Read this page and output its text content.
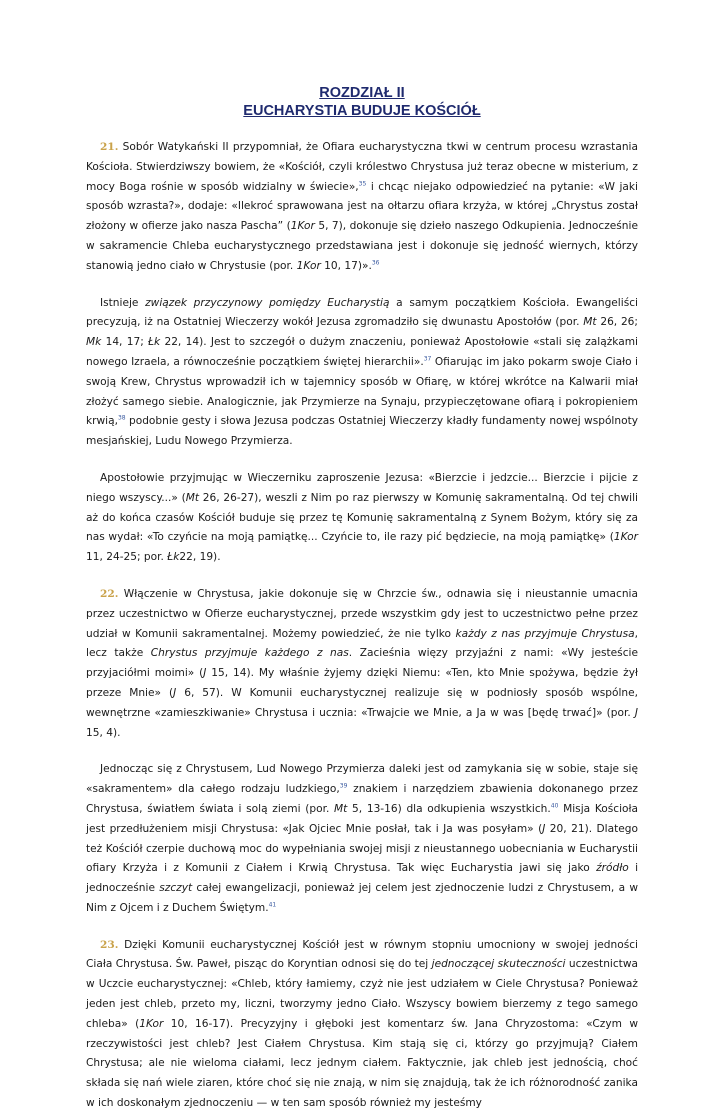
ROZDZIAŁ II
EUCHARYSTIA BUDUJE KOŚCIÓŁ

21. Sobór Watykański II przypomniał, że Ofiara eucharystyczna tkwi w centrum procesu wzrastania Kościoła. Stwierdziwszy bowiem, że «Kościół, czyli królestwo Chrystusa już teraz obecne w misterium, z mocy Boga rośnie w sposób widzialny w świecie»,$^{35}$ i chcąc niejako odpowiedzieć na pytanie: «W jaki sposób wzrasta?», dodaje: «Ilekroć sprawowana jest na ołtarzu ofiara krzyża, w której „Chrystus został złożony w ofierze jako nasza Pascha” (1Kor 5, 7), dokonuje się dzieło naszego Odkupienia. Jednocześnie w sakramencie Chleba eucharystycznego przedstawiana jest i dokonuje się jedność wiernych, którzy stanowią jedno ciało w Chrystusie (por. 1Kor 10, 17)».$^{36}$

Istnieje związek przyczynowy pomiędzy Eucharystią a samym początkiem Kościoła. Ewangeliści precyzują, iż na Ostatniej Wieczerzy wokół Jezusa zgromadziło się dwunastu Apostołów (por. Mt 26, 26; Mk 14, 17; Łk 22, 14). Jest to szczegół o dużym znaczeniu, ponieważ Apostołowie «stali się zalążkami nowego Izraela, a równocześnie początkiem świętej hierarchii».$^{37}$ Ofiarując im jako pokarm swoje Ciało i swoją Krew, Chrystus wprowadził ich w tajemnicy sposób w Ofiarę, w której wkrótce na Kalwarii miał złożyć samego siebie. Analogicznie, jak Przymierze na Synaju, przypieczętowane ofiarą i pokropieniem krwią,$^{38}$ podobnie gesty i słowa Jezusa podczas Ostatniej Wieczerzy kładły fundamenty nowej wspólnoty mesjańskiej, Ludu Nowego Przymierza.

Apostołowie przyjmując w Wieczerniku zaproszenie Jezusa: «Bierzcie i jedzcie... Bierzcie i pijcie z niego wszyscy...» (Mt 26, 26-27), weszli z Nim po raz pierwszy w Komunię sakramentalną. Od tej chwili aż do końca czasów Kościół buduje się przez tę Komunię sakramentalną z Synem Bożym, który się za nas wydał: «To czyńcie na moją pamiątkę... Czyńcie to, ile razy pić będziecie, na moją pamiątkę» (1Kor 11, 24-25; por. Łk22, 19).

22. Włączenie w Chrystusa, jakie dokonuje się w Chrzcie św., odnawia się i nieustannie umacnia przez uczestnictwo w Ofierze eucharystycznej, przede wszystkim gdy jest to uczestnictwo pełne przez udział w Komunii sakramentalnej. Możemy powiedzieć, że nie tylko każdy z nas przyjmuje Chrystusa, lecz także Chrystus przyjmuje każdego z nas. Zacieśnia więzy przyjaźni z nami: «Wy jesteście przyjaciółmi moimi» (J 15, 14). My właśnie żyjemy dzięki Niemu: «Ten, kto Mnie spożywa, będzie żył przeze Mnie» (J 6, 57). W Komunii eucharystycznej realizuje się w podniosły sposób wspólne, wewnętrzne «zamieszkiwanie» Chrystusa i ucznia: «Trwajcie we Mnie, a Ja w was [będę trwać]» (por. J 15, 4).

Jednocząc się z Chrystusem, Lud Nowego Przymierza daleki jest od zamykania się w sobie, staje się «sakramentem» dla całego rodzaju ludzkiego,$^{39}$ znakiem i narzędziem zbawienia dokonanego przez Chrystusa, światłem świata i solą ziemi (por. Mt 5, 13-16) dla odkupienia wszystkich.$^{40}$ Misja Kościoła jest przedłużeniem misji Chrystusa: «Jak Ojciec Mnie posłał, tak i Ja was posyłam» (J 20, 21). Dlatego też Kościół czerpie duchową moc do wypełniania swojej misji z nieustannego uobecniania w Eucharystii ofiary Krzyża i z Komunii z Ciałem i Krwią Chrystusa. Tak więc Eucharystia jawi się jako źródło i jednocześnie szczyt całej ewangelizacji, ponieważ jej celem jest zjednoczenie ludzi z Chrystusem, a w Nim z Ojcem i z Duchem Świętym.$^{41}$

23. Dzięki Komunii eucharystycznej Kościół jest w równym stopniu umocniony w swojej jedności Ciała Chrystusa. Św. Paweł, pisząc do Koryntian odnosi się do tej jednoczącej skuteczności uczestnictwa w Uczcie eucharystycznej: «Chleb, który łamiemy, czyż nie jest udziałem w Ciele Chrystusa? Ponieważ jeden jest chleb, przeto my, liczni, tworzymy jedno Ciało. Wszyscy bowiem bierzemy z tego samego chleba» (1Kor 10, 16-17). Precyzyjny i głęboki jest komentarz św. Jana Chryzostoma: «Czym w rzeczywistości jest chleb? Jest Ciałem Chrystusa. Kim stają się ci, którzy go przyjmują? Ciałem Chrystusa; ale nie wieloma ciałami, lecz jednym ciałem. Faktycznie, jak chleb jest jednością, choć składa się nań wiele ziaren, które choć się nie znają, w nim się znajdują, tak że ich różnorodność zanika w ich doskonałym zjednoczeniu — w ten sam sposób również my jesteśmy
